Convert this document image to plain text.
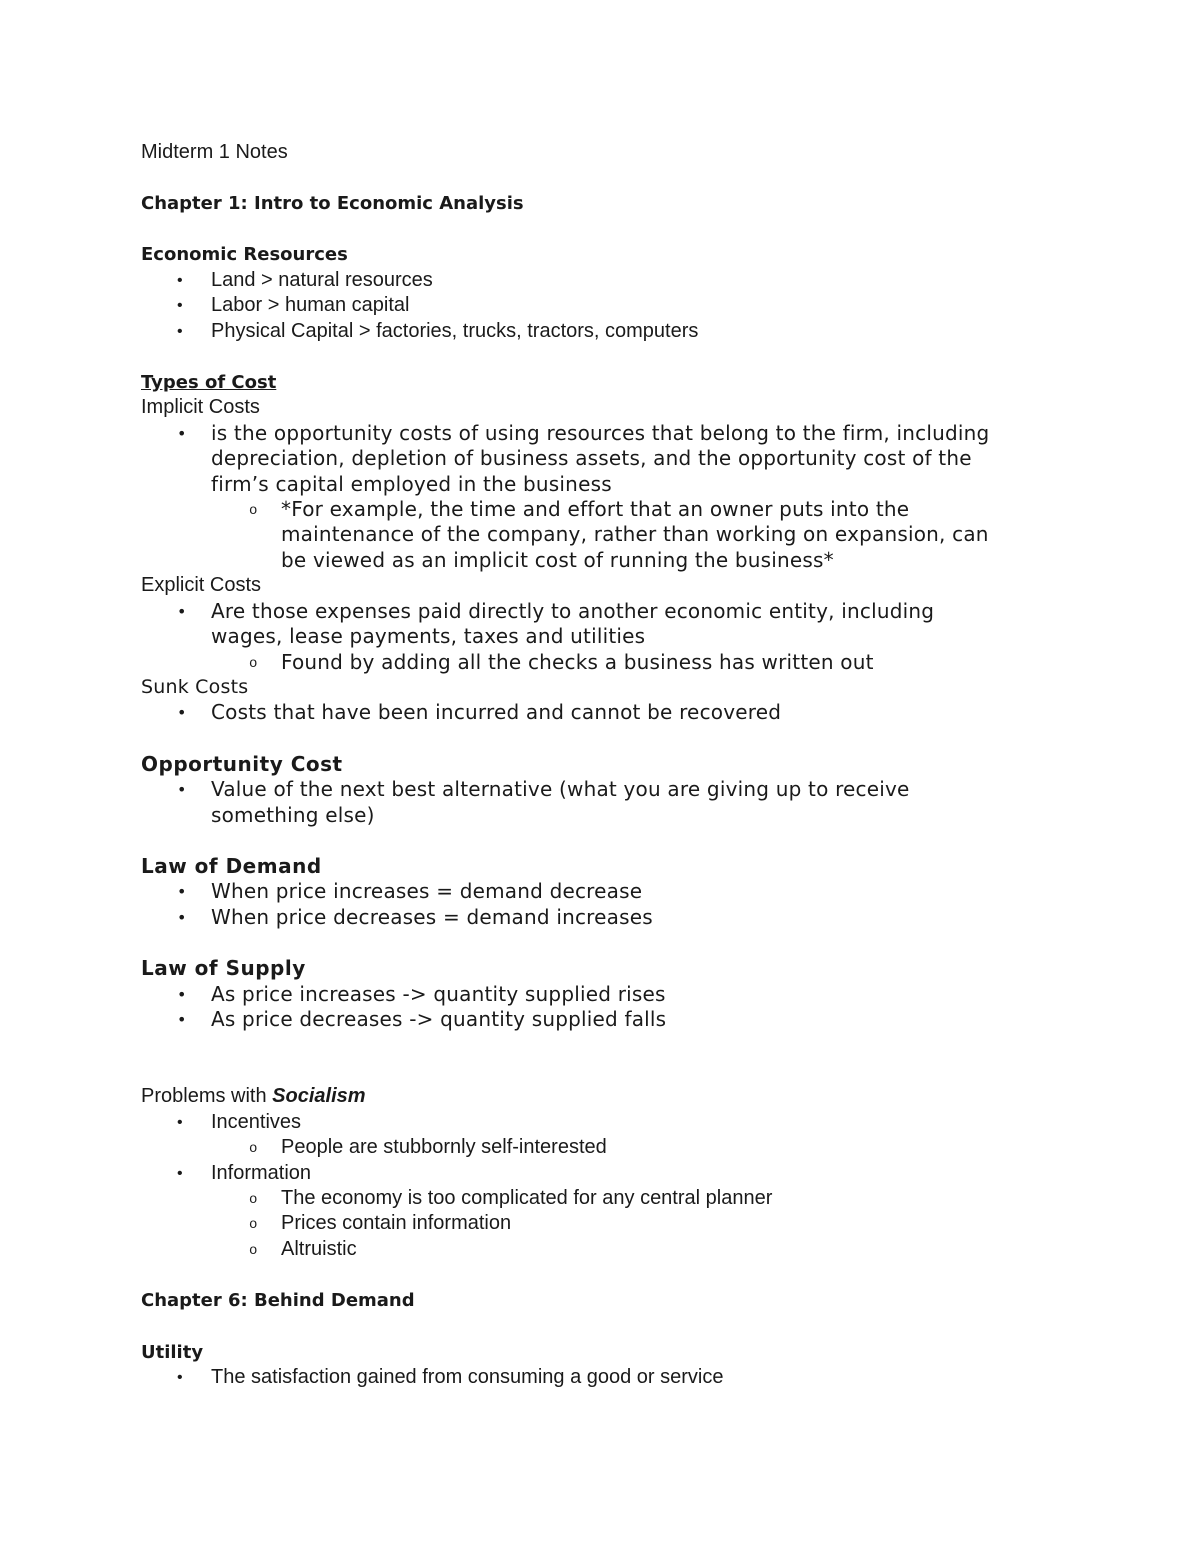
Midterm 1 Notes
Chapter 1: Intro to Economic Analysis
Economic Resources
• Land > natural resources
• Labor > human capital
• Physical Capital > factories, trucks, tractors, computers
Types of Cost
Implicit Costs
• is the opportunity costs of using resources that belong to the firm, including
depreciation, depletion of business assets, and the opportunity cost of the
firm’s capital employed in the business
o *For example, the time and effort that an owner puts into the
maintenance of the company, rather than working on expansion, can
be viewed as an implicit cost of running the business*
Explicit Costs
• Are those expenses paid directly to another economic entity, including
wages, lease payments, taxes and utilities
o Found by adding all the checks a business has written out
Sunk Costs
• Costs that have been incurred and cannot be recovered
Opportunity Cost
• Value of the next best alternative (what you are giving up to receive
something else)
Law of Demand
• When price increases = demand decrease
• When price decreases = demand increases
Law of Supply
• As price increases -> quantity supplied rises
• As price decreases -> quantity supplied falls
Problems with Socialism
• Incentives
o People are stubbornly self-interested
• Information
o The economy is too complicated for any central planner
o Prices contain information
o Altruistic
Chapter 6: Behind Demand
Utility
• The satisfaction gained from consuming a good or service
